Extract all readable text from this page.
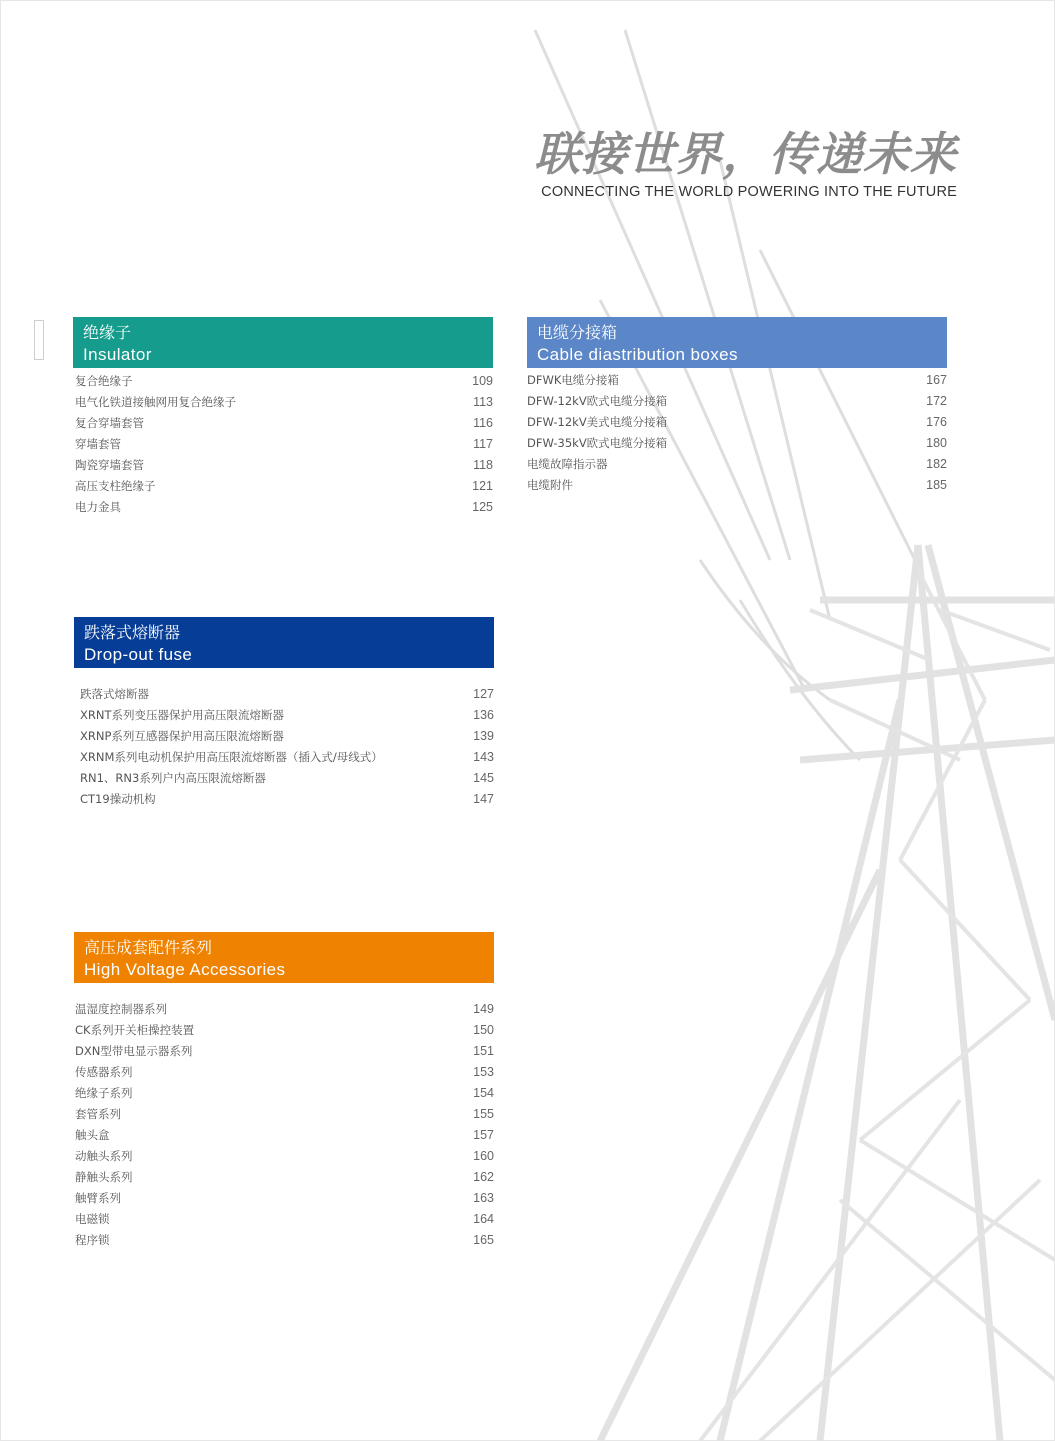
联接世界，传递未来
CONNECTING THE WORLD POWERING INTO THE FUTURE
绝缘子
Insulator
复合绝缘子	109
电气化铁道接触网用复合绝缘子	113
复合穿墙套管	116
穿墙套管	117
陶瓷穿墙套管	118
高压支柱绝缘子	121
电力金具	125
电缆分接箱
Cable diastribution boxes
DFWK电缆分接箱	167
DFW-12kV欧式电缆分接箱	172
DFW-12kV美式电缆分接箱	176
DFW-35kV欧式电缆分接箱	180
电缆故障指示器	182
电缆附件	185
跌落式熔断器
Drop-out fuse
跌落式熔断器	127
XRNT系列变压器保护用高压限流熔断器	136
XRNP系列互感器保护用高压限流熔断器	139
XRNM系列电动机保护用高压限流熔断器（插入式/母线式）	143
RN1、RN3系列户内高压限流熔断器	145
CT19操动机构	147
高压成套配件系列
High Voltage Accessories
温湿度控制器系列	149
CK系列开关柜操控装置	150
DXN型带电显示器系列	151
传感器系列	153
绝缘子系列	154
套管系列	155
触头盒	157
动触头系列	160
静触头系列	162
触臂系列	163
电磁锁	164
程序锁	165
